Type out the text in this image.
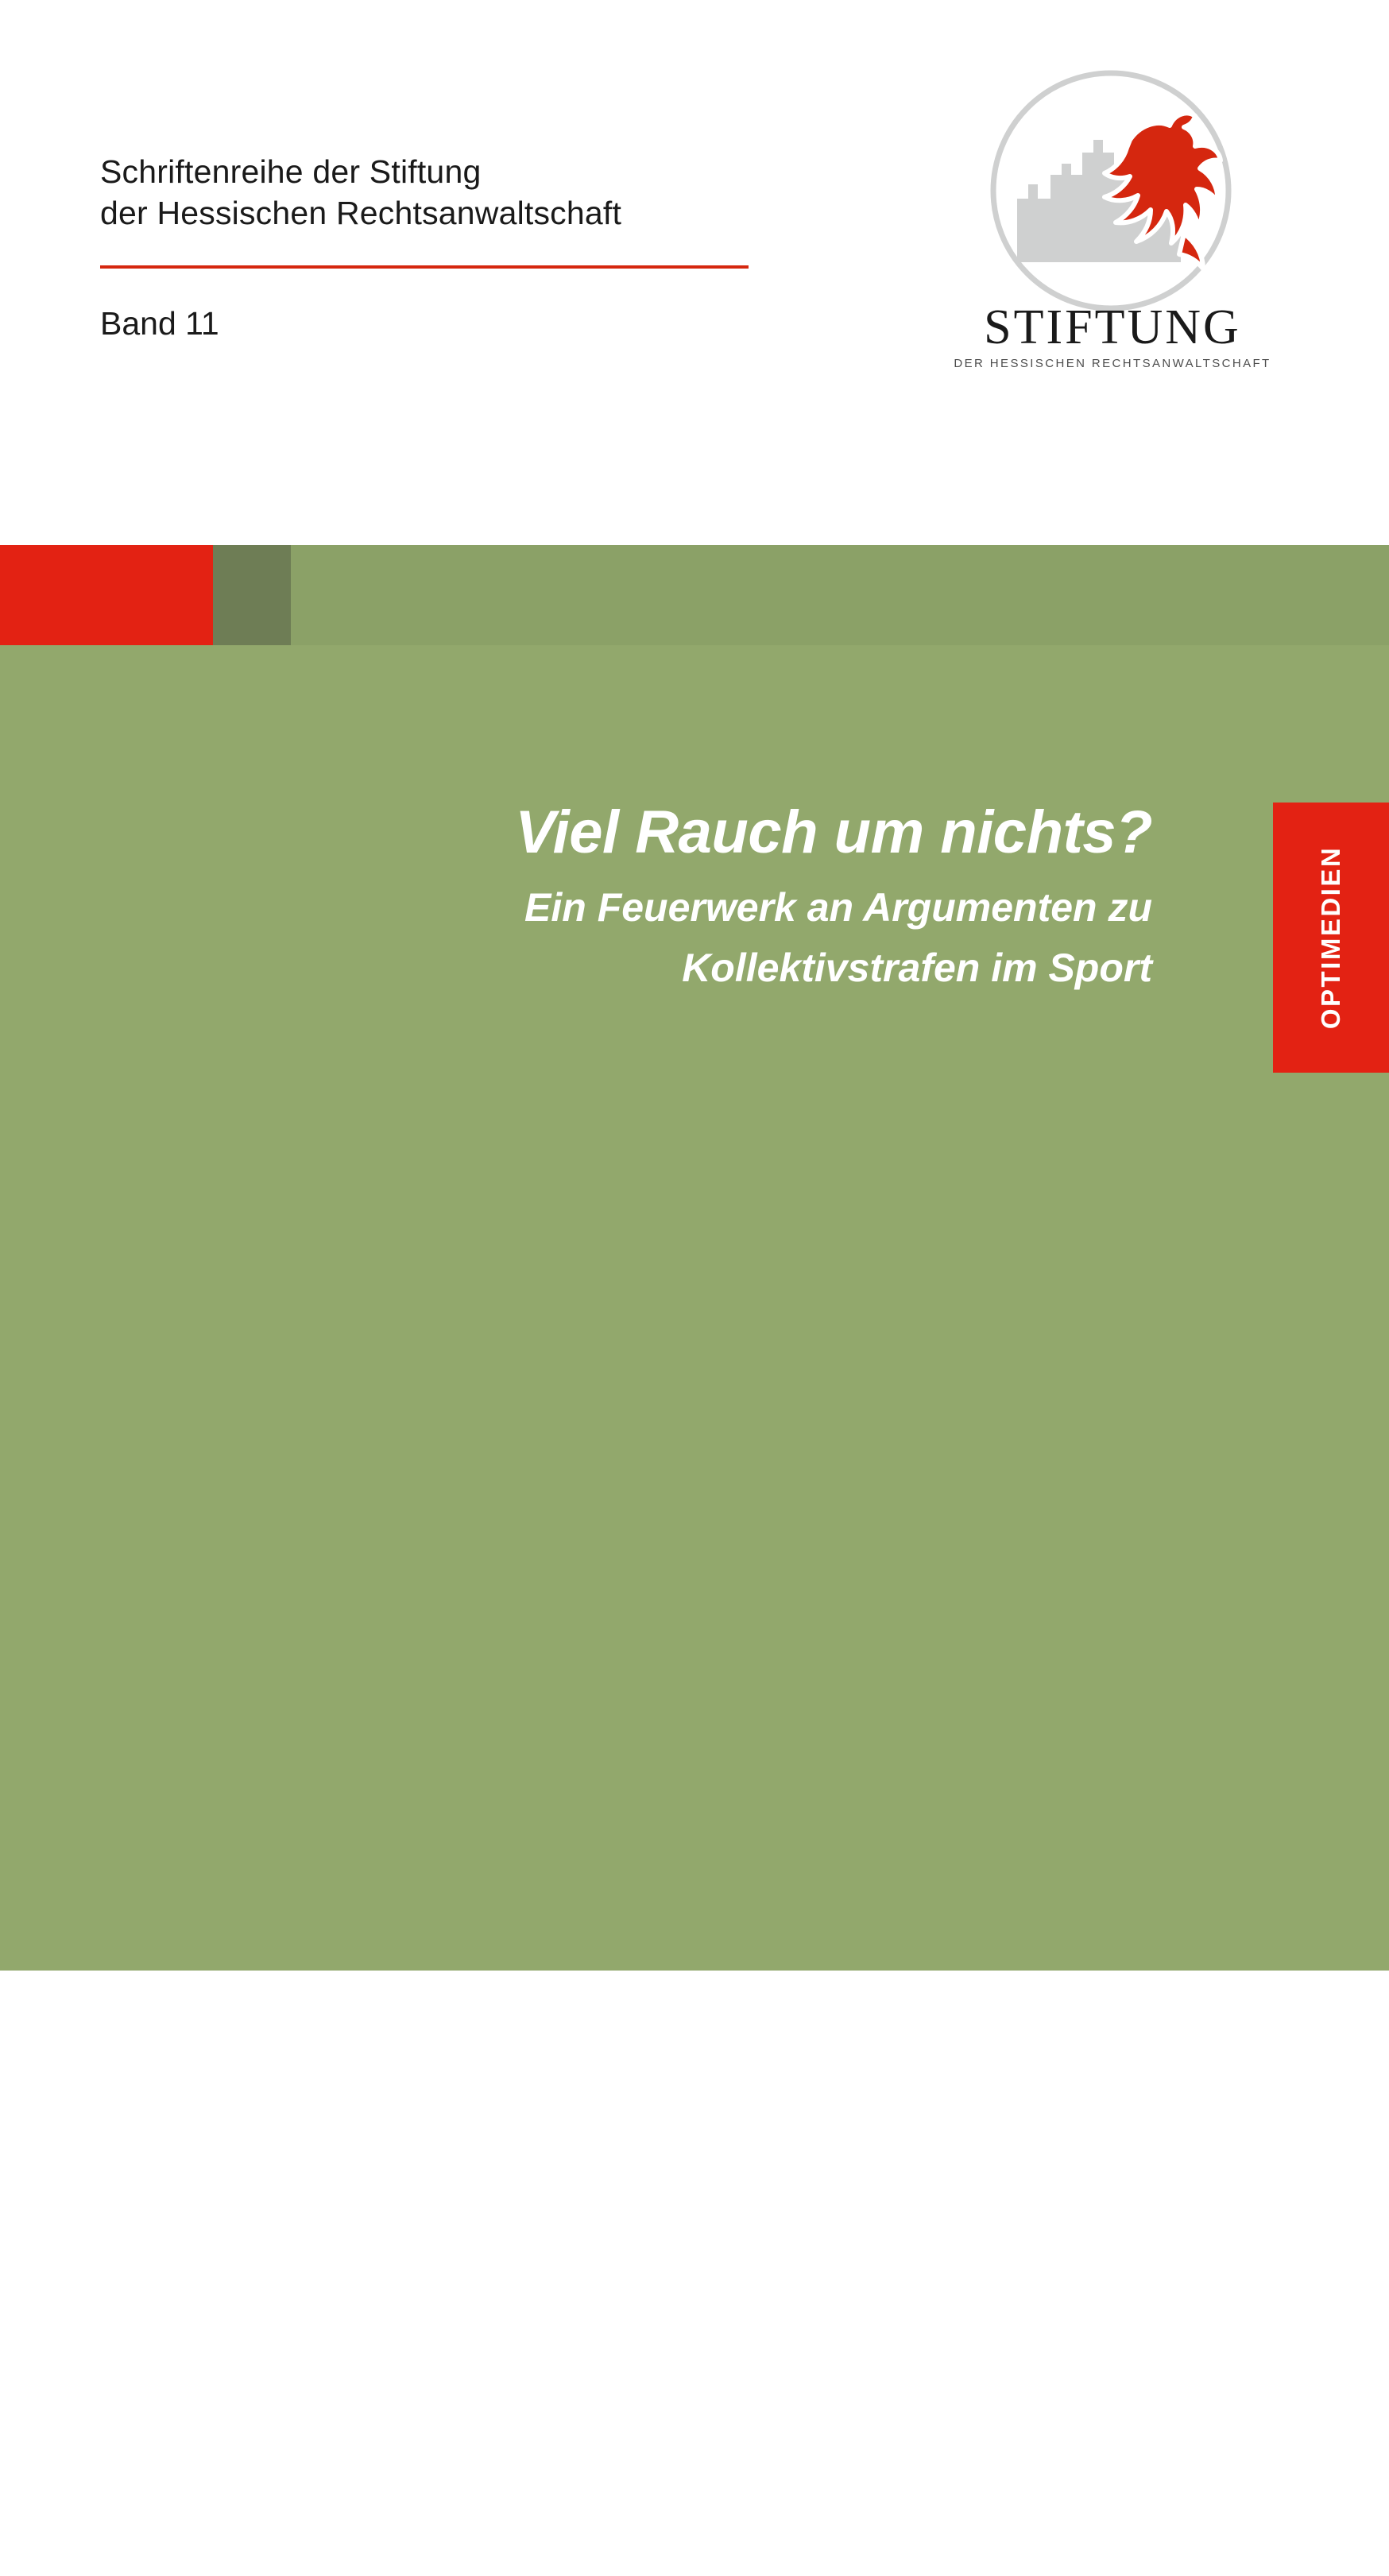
Schriftenreihe der Stiftung
der Hessischen Rechtsanwaltschaft
Band 11	STIFTUNG
DER HESSISCHEN RECHTSANWALTSCHAFT
Viel Rauch um nichts?
Ein Feuerwerk an Argumenten zu
Kollektivstrafen im Sport
Beiträge von
Nebahat Cakir
Monique Peitzmeier
Dr. Kevin Bork
Lukas Straub
Nils Winkler
Johannes Knierbein
Michael Knierbein
OPTIMEDIEN
